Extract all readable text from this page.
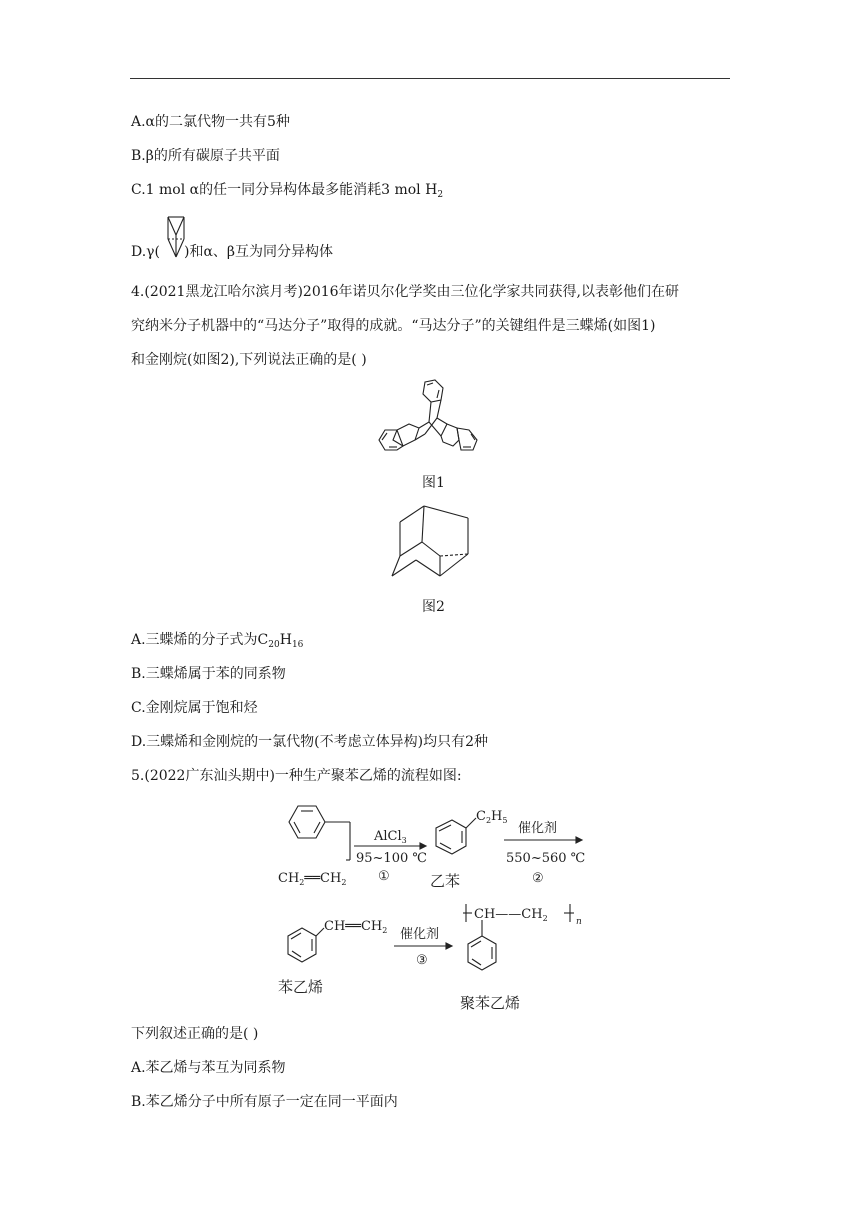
A.α的二氯代物一共有5种
B.β的所有碳原子共平面
C.1 mol α的任一同分异构体最多能消耗3 mol $H_2$
D.γ( )和α、β互为同分异构体
4.(2021黑龙江哈尔滨月考)2016年诺贝尔化学奖由三位化学家共同获得,以表彰他们在研
究纳米分子机器中的“马达分子”取得的成就。“马达分子”的关键组件是三蝶烯(如图1)
和金刚烷(如图2),下列说法正确的是( )
图1
图2
A.三蝶烯的分子式为$C_{20}H_{16}$
B.三蝶烯属于苯的同系物
C.金刚烷属于饱和烃
D.三蝶烯和金刚烷的一氯代物(不考虑立体异构)均只有2种
5.(2022广东汕头期中)一种生产聚苯乙烯的流程如图:
AlCl$_3$
95~100 ℃
①
$CH_2══CH_2$
$C_2H_5$
乙苯
催化剂
550~560 ℃
②
$CH══CH_2$
苯乙烯
催化剂
③
$CH——CH_2$	n
聚苯乙烯
下列叙述正确的是( )
A.苯乙烯与苯互为同系物
B.苯乙烯分子中所有原子一定在同一平面内
